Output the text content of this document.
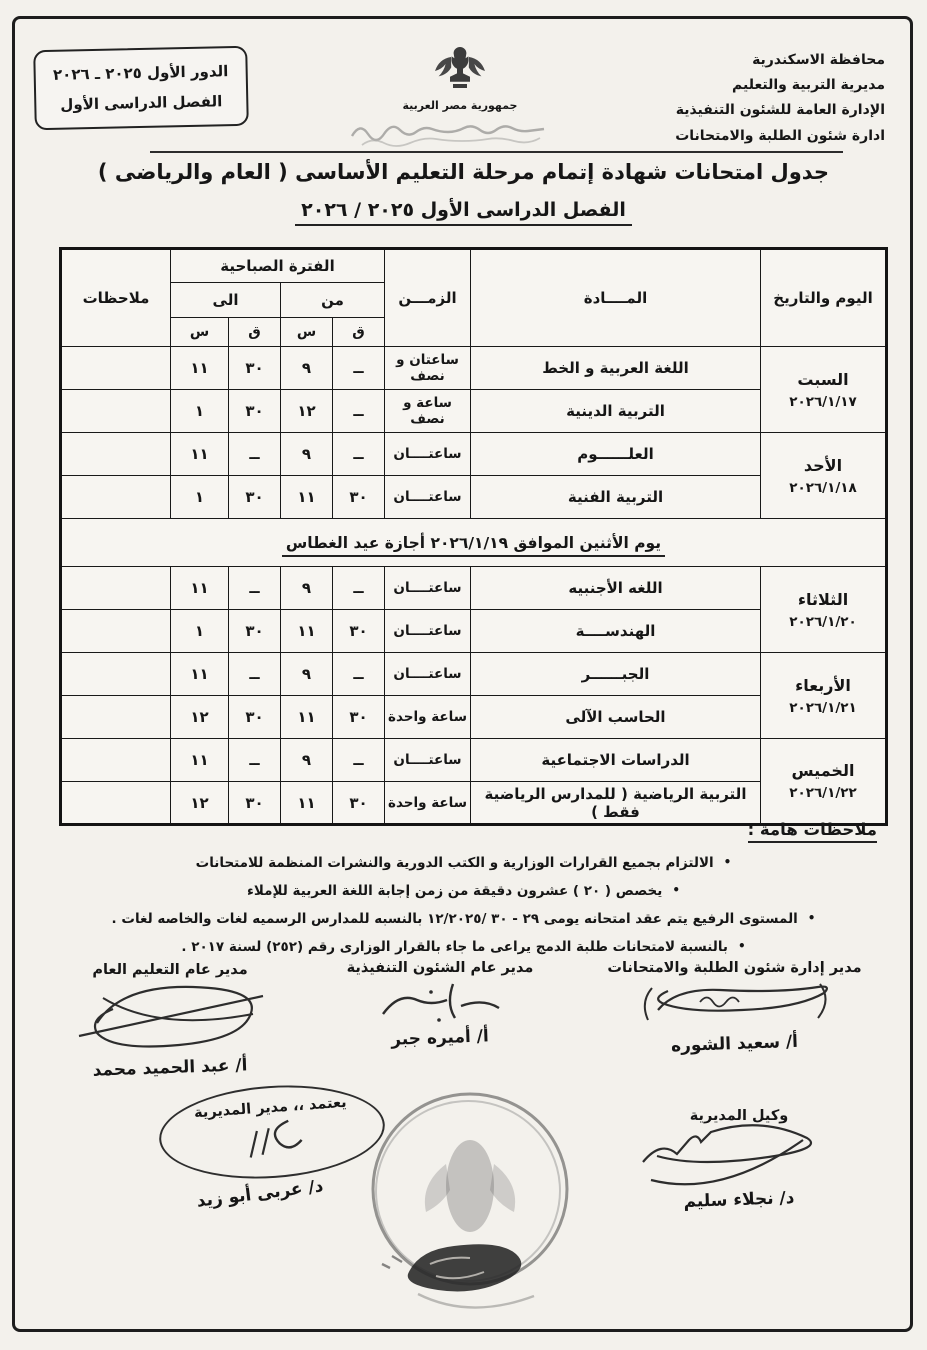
الدور الأول ٢٠٢٥ ـ ٢٠٢٦
الفصل الدراسى الأول	جمهورية مصر العربية
محافظة الاسكندرية
مديرية التربية والتعليم
الإدارة العامة للشئون التنفيذية
ادارة شئون الطلبة والامتحانات
جدول امتحانات شهادة إتمام مرحلة التعليم الأساسى ( العام والرياضى )
الفصل الدراسى الأول ٢٠٢٥ / ٢٠٢٦
اليوم والتاريخ	المــــادة	الزمـــن	الفترة الصباحية				ملاحظات
			من		الى		
			ق	س	ق	س	

السبت
٢٠٢٦/١/١٧	اللغة العربية و الخط	ساعتان و نصف	ــ	٩	٣٠	١١	
	التربية الدينية	ساعة و نصف	ــ	١٢	٣٠	١	

الأحد
٢٠٢٦/١/١٨	العلــــــوم	ساعتــــان	ــ	٩	ــ	١١	
	التربية الفنية	ساعتــــان	٣٠	١١	٣٠	١	
يوم الأثنين الموافق ٢٠٢٦/١/١٩ أجازة عيد الغطاس							

الثلاثاء
٢٠٢٦/١/٢٠	اللغه الأجنبيه	ساعتــــان	ــ	٩	ــ	١١	
	الهندســــة	ساعتــــان	٣٠	١١	٣٠	١	

الأربعاء
٢٠٢٦/١/٢١	الجبــــــر	ساعتــــان	ــ	٩	ــ	١١	
	الحاسب الآلى	ساعة واحدة	٣٠	١١	٣٠	١٢	

الخميس
٢٠٢٦/١/٢٢	الدراسات الاجتماعية	ساعتــــان	ــ	٩	ــ	١١	
	التربية الرياضية ( للمدارس الرياضية فقط )	ساعة واحدة	٣٠	١١	٣٠	١٢	
ملاحظات هامة :
•الالتزام بجميع القرارات الوزارية و الكتب الدورية والنشرات المنظمة للامتحانات
•يخصص ( ٢٠ ) عشرون دقيقة من زمن إجابة اللغة العربية للإملاء
•المستوى الرفيع يتم عقد امتحانه يومى ٢٩ - ٣٠ /١٢/٢٠٢٥ بالنسبه للمدارس الرسميه لغات والخاصه لغات .
•بالنسبة لامتحانات طلبة الدمج يراعى ما جاء بالقرار الوزارى رقم (٢٥٢) لسنة ٢٠١٧ .
مدير إدارة شئون الطلبة والامتحانات
أ/ سعيد الشوره
مدير عام الشئون التنفيذية
أ/ أميره جبر
مدير عام التعليم العام
أ/ عبد الحميد محمد
وكيل المديرية
د/ نجلاء سليم
يعتمد ،، مدير المديرية
د/ عربى أبو زيد
